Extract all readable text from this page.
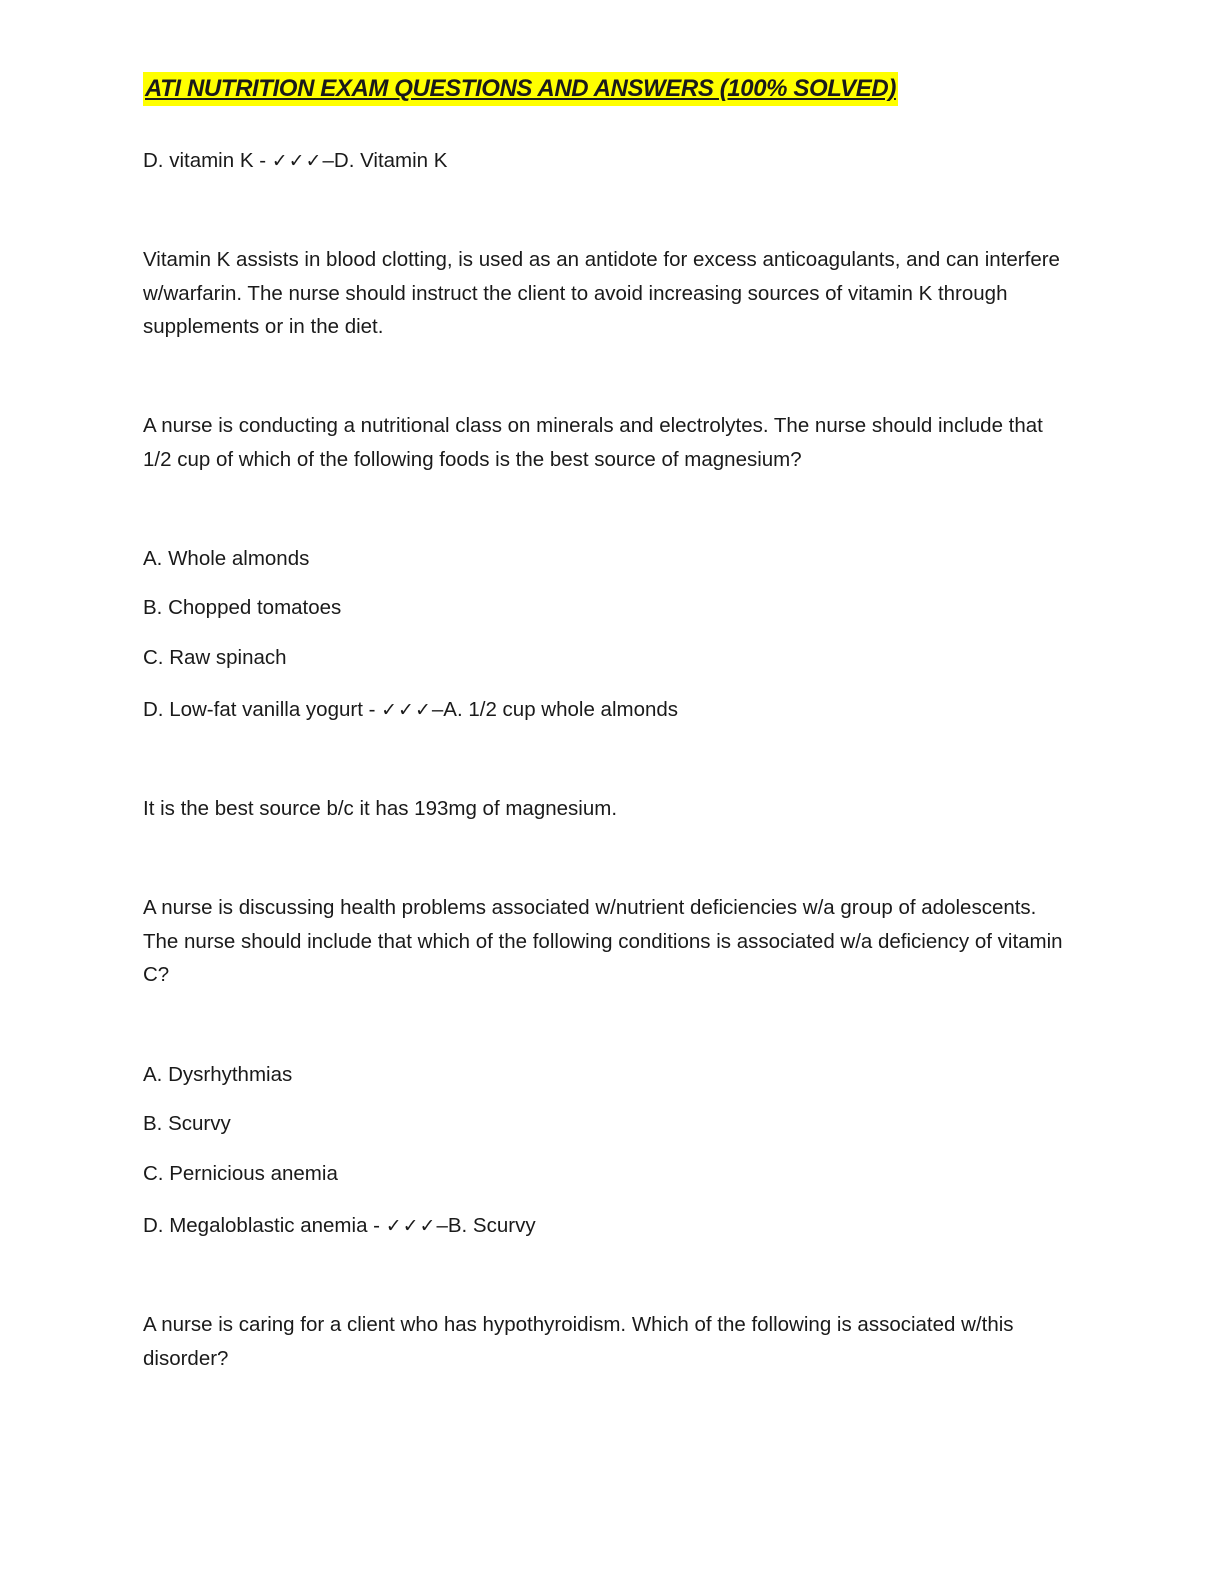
ATI NUTRITION EXAM QUESTIONS AND ANSWERS (100% SOLVED)
D. vitamin K - ✓✓✓–D. Vitamin K
Vitamin K assists in blood clotting, is used as an antidote for excess anticoagulants, and can interfere w/warfarin. The nurse should instruct the client to avoid increasing sources of vitamin K through supplements or in the diet.
A nurse is conducting a nutritional class on minerals and electrolytes. The nurse should include that 1/2 cup of which of the following foods is the best source of magnesium?
A. Whole almonds
B. Chopped tomatoes
C. Raw spinach
D. Low-fat vanilla yogurt - ✓✓✓–A. 1/2 cup whole almonds
It is the best source b/c it has 193mg of magnesium.
A nurse is discussing health problems associated w/nutrient deficiencies w/a group of adolescents. The nurse should include that which of the following conditions is associated w/a deficiency of vitamin C?
A. Dysrhythmias
B. Scurvy
C. Pernicious anemia
D. Megaloblastic anemia - ✓✓✓–B. Scurvy
A nurse is caring for a client who has hypothyroidism. Which of the following is associated w/this disorder?
